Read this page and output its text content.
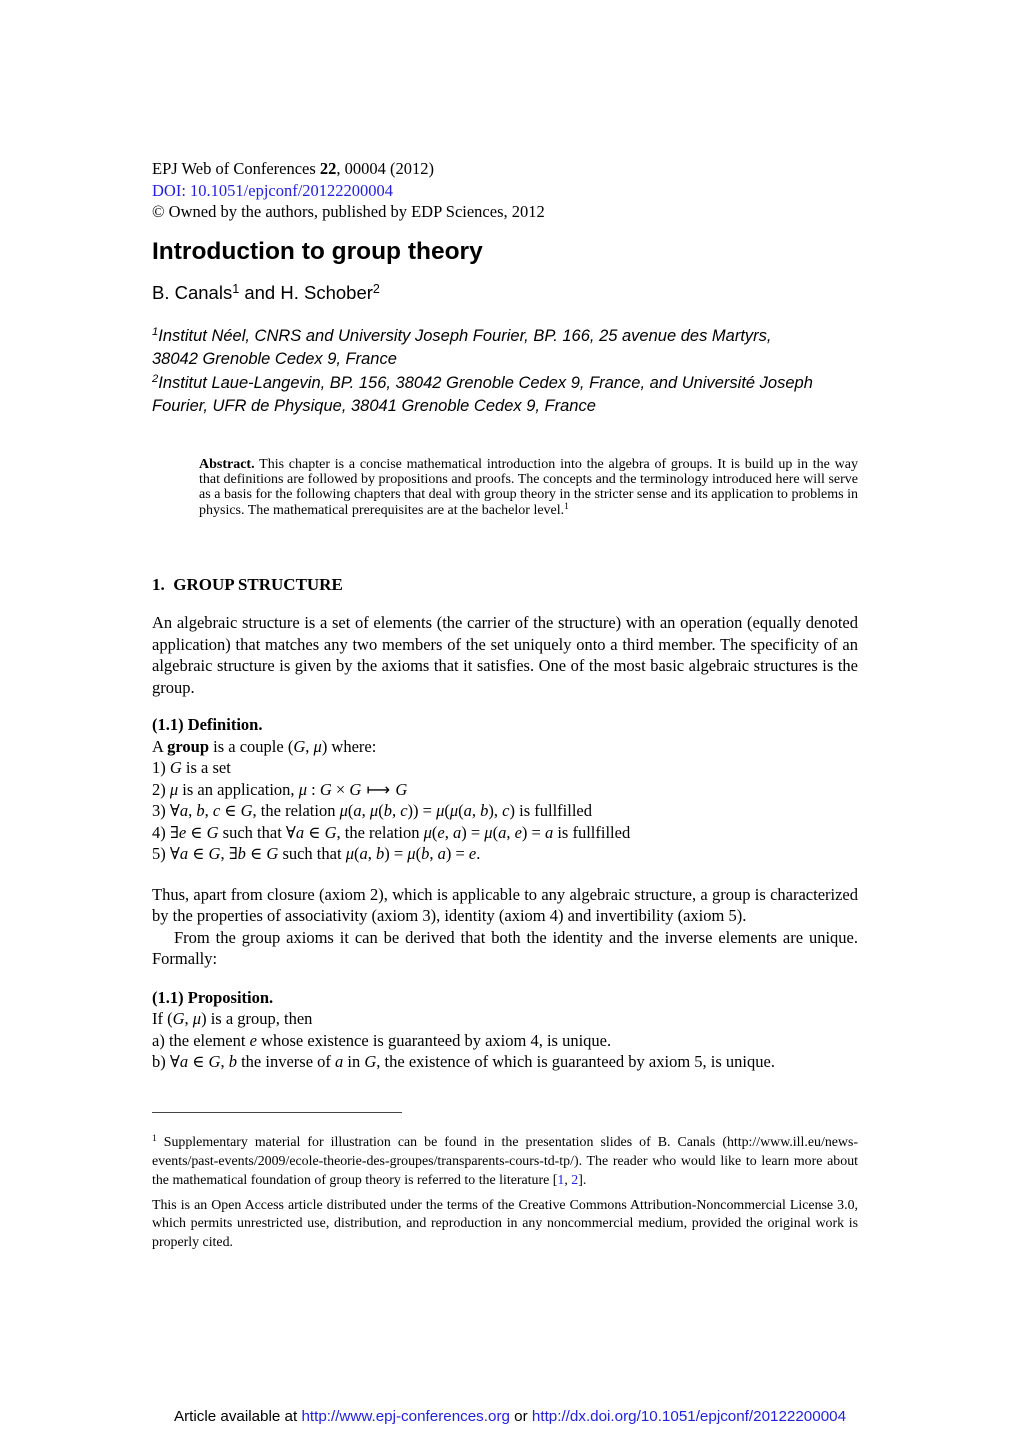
EPJ Web of Conferences 22, 00004 (2012)
DOI: 10.1051/epjconf/20122200004
© Owned by the authors, published by EDP Sciences, 2012
Introduction to group theory
B. Canals$^1$ and H. Schober$^2$
$^1$Institut Néel, CNRS and University Joseph Fourier, BP. 166, 25 avenue des Martyrs,
38042 Grenoble Cedex 9, France
$^2$Institut Laue-Langevin, BP. 156, 38042 Grenoble Cedex 9, France, and Université Joseph
Fourier, UFR de Physique, 38041 Grenoble Cedex 9, France
Abstract. This chapter is a concise mathematical introduction into the algebra of groups. It is build up in the way that definitions are followed by propositions and proofs. The concepts and the terminology introduced here will serve as a basis for the following chapters that deal with group theory in the stricter sense and its application to problems in physics. The mathematical prerequisites are at the bachelor level.$^1$
1.  GROUP STRUCTURE

An algebraic structure is a set of elements (the carrier of the structure) with an operation (equally denoted application) that matches any two members of the set uniquely onto a third member. The specificity of an algebraic structure is given by the axioms that it satisfies. One of the most basic algebraic structures is the group.

(1.1) Definition.
A group is a couple (G, μ) where:
1) G is a set
2) μ is an application, μ : G × G ⟼ G
3) ∀a, b, c ∈ G, the relation μ(a, μ(b, c)) = μ(μ(a, b), c) is fullfilled
4) ∃e ∈ G such that ∀a ∈ G, the relation μ(e, a) = μ(a, e) = a is fullfilled
5) ∀a ∈ G, ∃b ∈ G such that μ(a, b) = μ(b, a) = e.

Thus, apart from closure (axiom 2), which is applicable to any algebraic structure, a group is characterized by the properties of associativity (axiom 3), identity (axiom 4) and invertibility (axiom 5).

From the group axioms it can be derived that both the identity and the inverse elements are unique. Formally:

(1.1) Proposition.
If (G, μ) is a group, then
a) the element e whose existence is guaranteed by axiom 4, is unique.
b) ∀a ∈ G, b the inverse of a in G, the existence of which is guaranteed by axiom 5, is unique.
$^1$ Supplementary material for illustration can be found in the presentation slides of B. Canals (http://www.ill.eu/news-events/past-events/2009/ecole-theorie-des-groupes/transparents-cours-td-tp/). The reader who would like to learn more about the mathematical foundation of group theory is referred to the literature [1, 2].
This is an Open Access article distributed under the terms of the Creative Commons Attribution-Noncommercial License 3.0, which permits unrestricted use, distribution, and reproduction in any noncommercial medium, provided the original work is properly cited.
Article available at http://www.epj-conferences.org or http://dx.doi.org/10.1051/epjconf/20122200004
